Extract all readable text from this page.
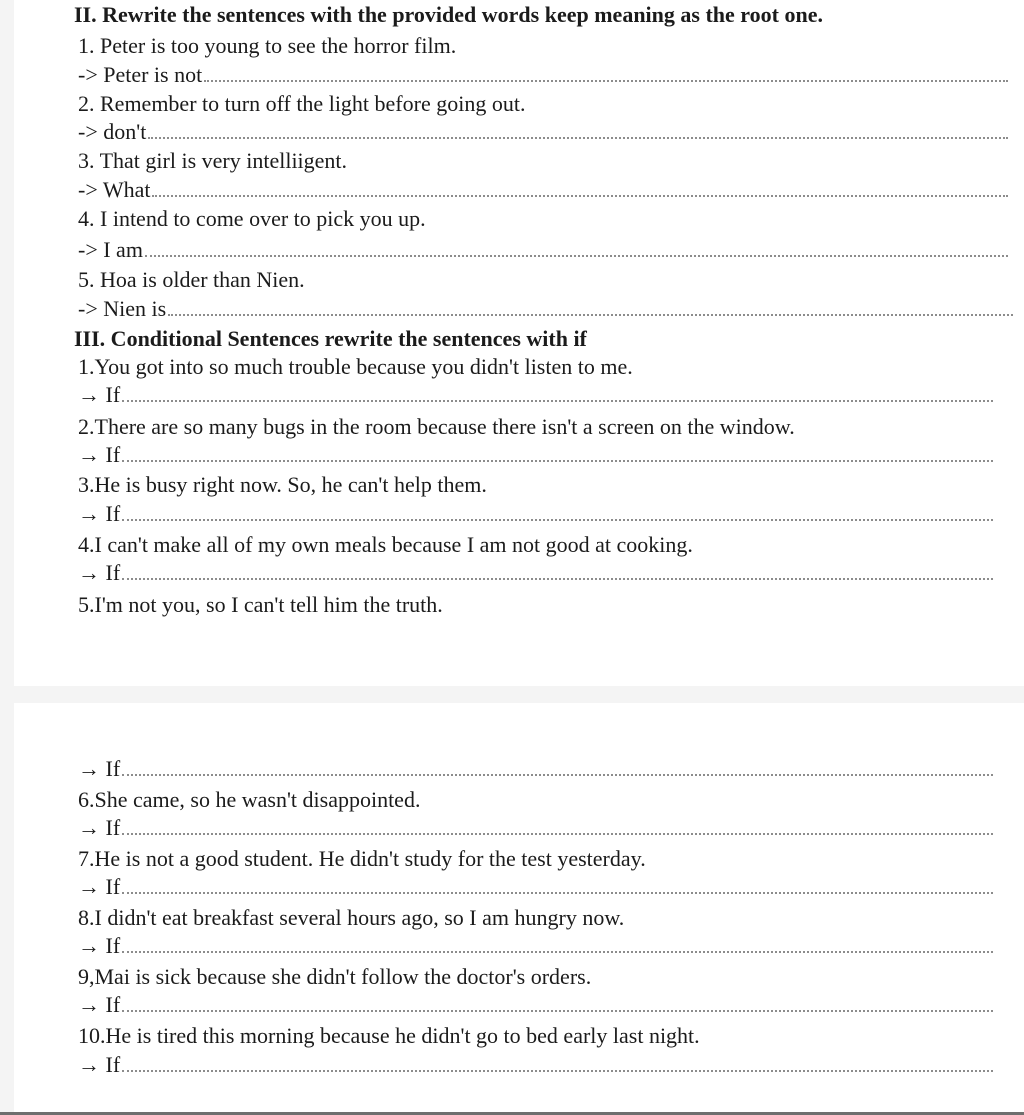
II. Rewrite the sentences with the provided words keep meaning as the root one.
1. Peter is too young to see the horror film.
-> Peter is not
2. Remember to turn off the light before going out.
-> don't
3. That girl is very intelliigent.
-> What
4. I intend to come over to pick you up.
-> I am
5. Hoa is older than Nien.
-> Nien is
III. Conditional Sentences rewrite the sentences with if
1.You got into so much trouble because you didn't listen to me.
→ If
2.There are so many bugs in the room because there isn't a screen on the window.
→ If
3.He is busy right now. So, he can't help them.
→ If
4.I can't make all of my own meals because I am not good at cooking.
→ If
5.I'm not you, so I can't tell him the truth.
→ If
6.She came, so he wasn't disappointed.
→ If
7.He is not a good student. He didn't study for the test yesterday.
→ If
8.I didn't eat breakfast several hours ago, so I am hungry now.
→ If
9,Mai is sick because she didn't follow the doctor's orders.
→ If
10.He is tired this morning because he didn't go to bed early last night.
→ If
